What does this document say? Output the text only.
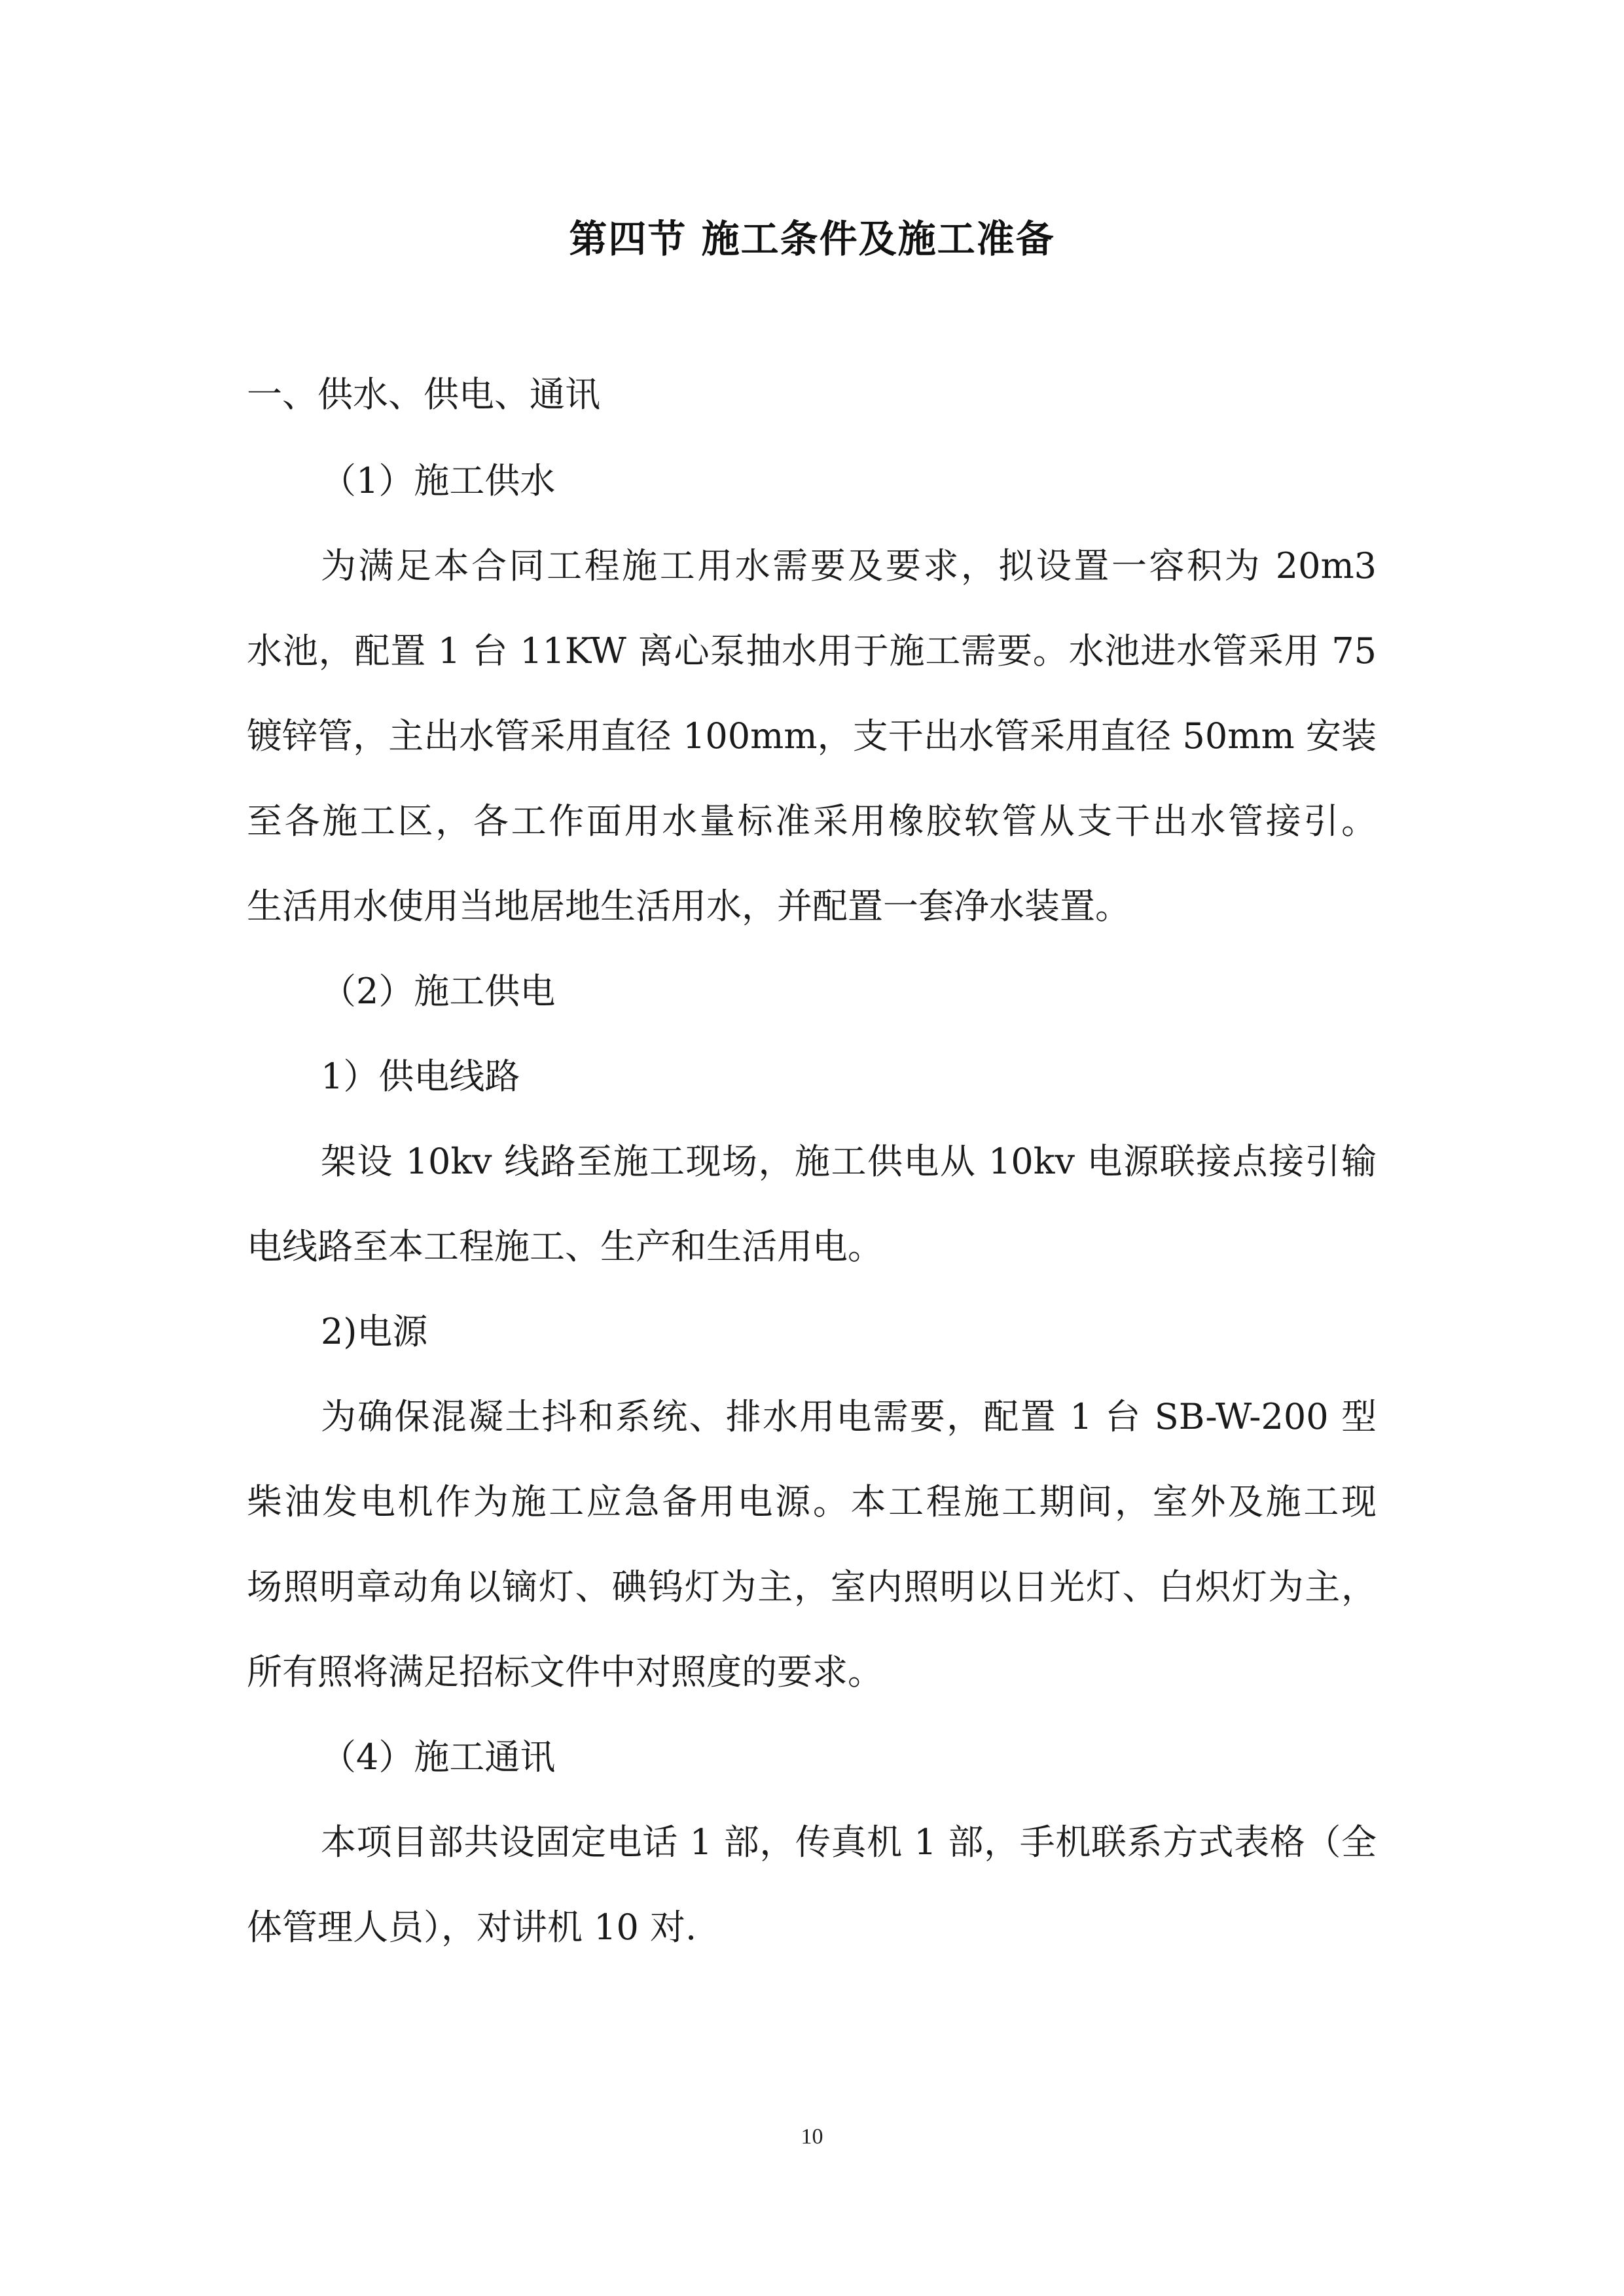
第四节 施工条件及施工准备
一、供水、供电、通讯
（1）施工供水
为满足本合同工程施工用水需要及要求，拟设置一容积为 20m3
水池，配置 1 台 11KW 离心泵抽水用于施工需要。水池进水管采用 75
镀锌管，主出水管采用直径 100mm，支干出水管采用直径 50mm 安装
至各施工区，各工作面用水量标准采用橡胶软管从支干出水管接引。
生活用水使用当地居地生活用水，并配置一套净水装置。
（2）施工供电
1）供电线路
架设 10kv 线路至施工现场，施工供电从 10kv 电源联接点接引输
电线路至本工程施工、生产和生活用电。
2)电源
为确保混凝土抖和系统、排水用电需要，配置 1 台 SB-W-200 型
柴油发电机作为施工应急备用电源。本工程施工期间，室外及施工现
场照明章动角以镝灯、碘钨灯为主，室内照明以日光灯、白炽灯为主，
所有照将满足招标文件中对照度的要求。
（4）施工通讯
本项目部共设固定电话 1 部，传真机 1 部，手机联系方式表格（全
体管理人员），对讲机 10 对.
10
